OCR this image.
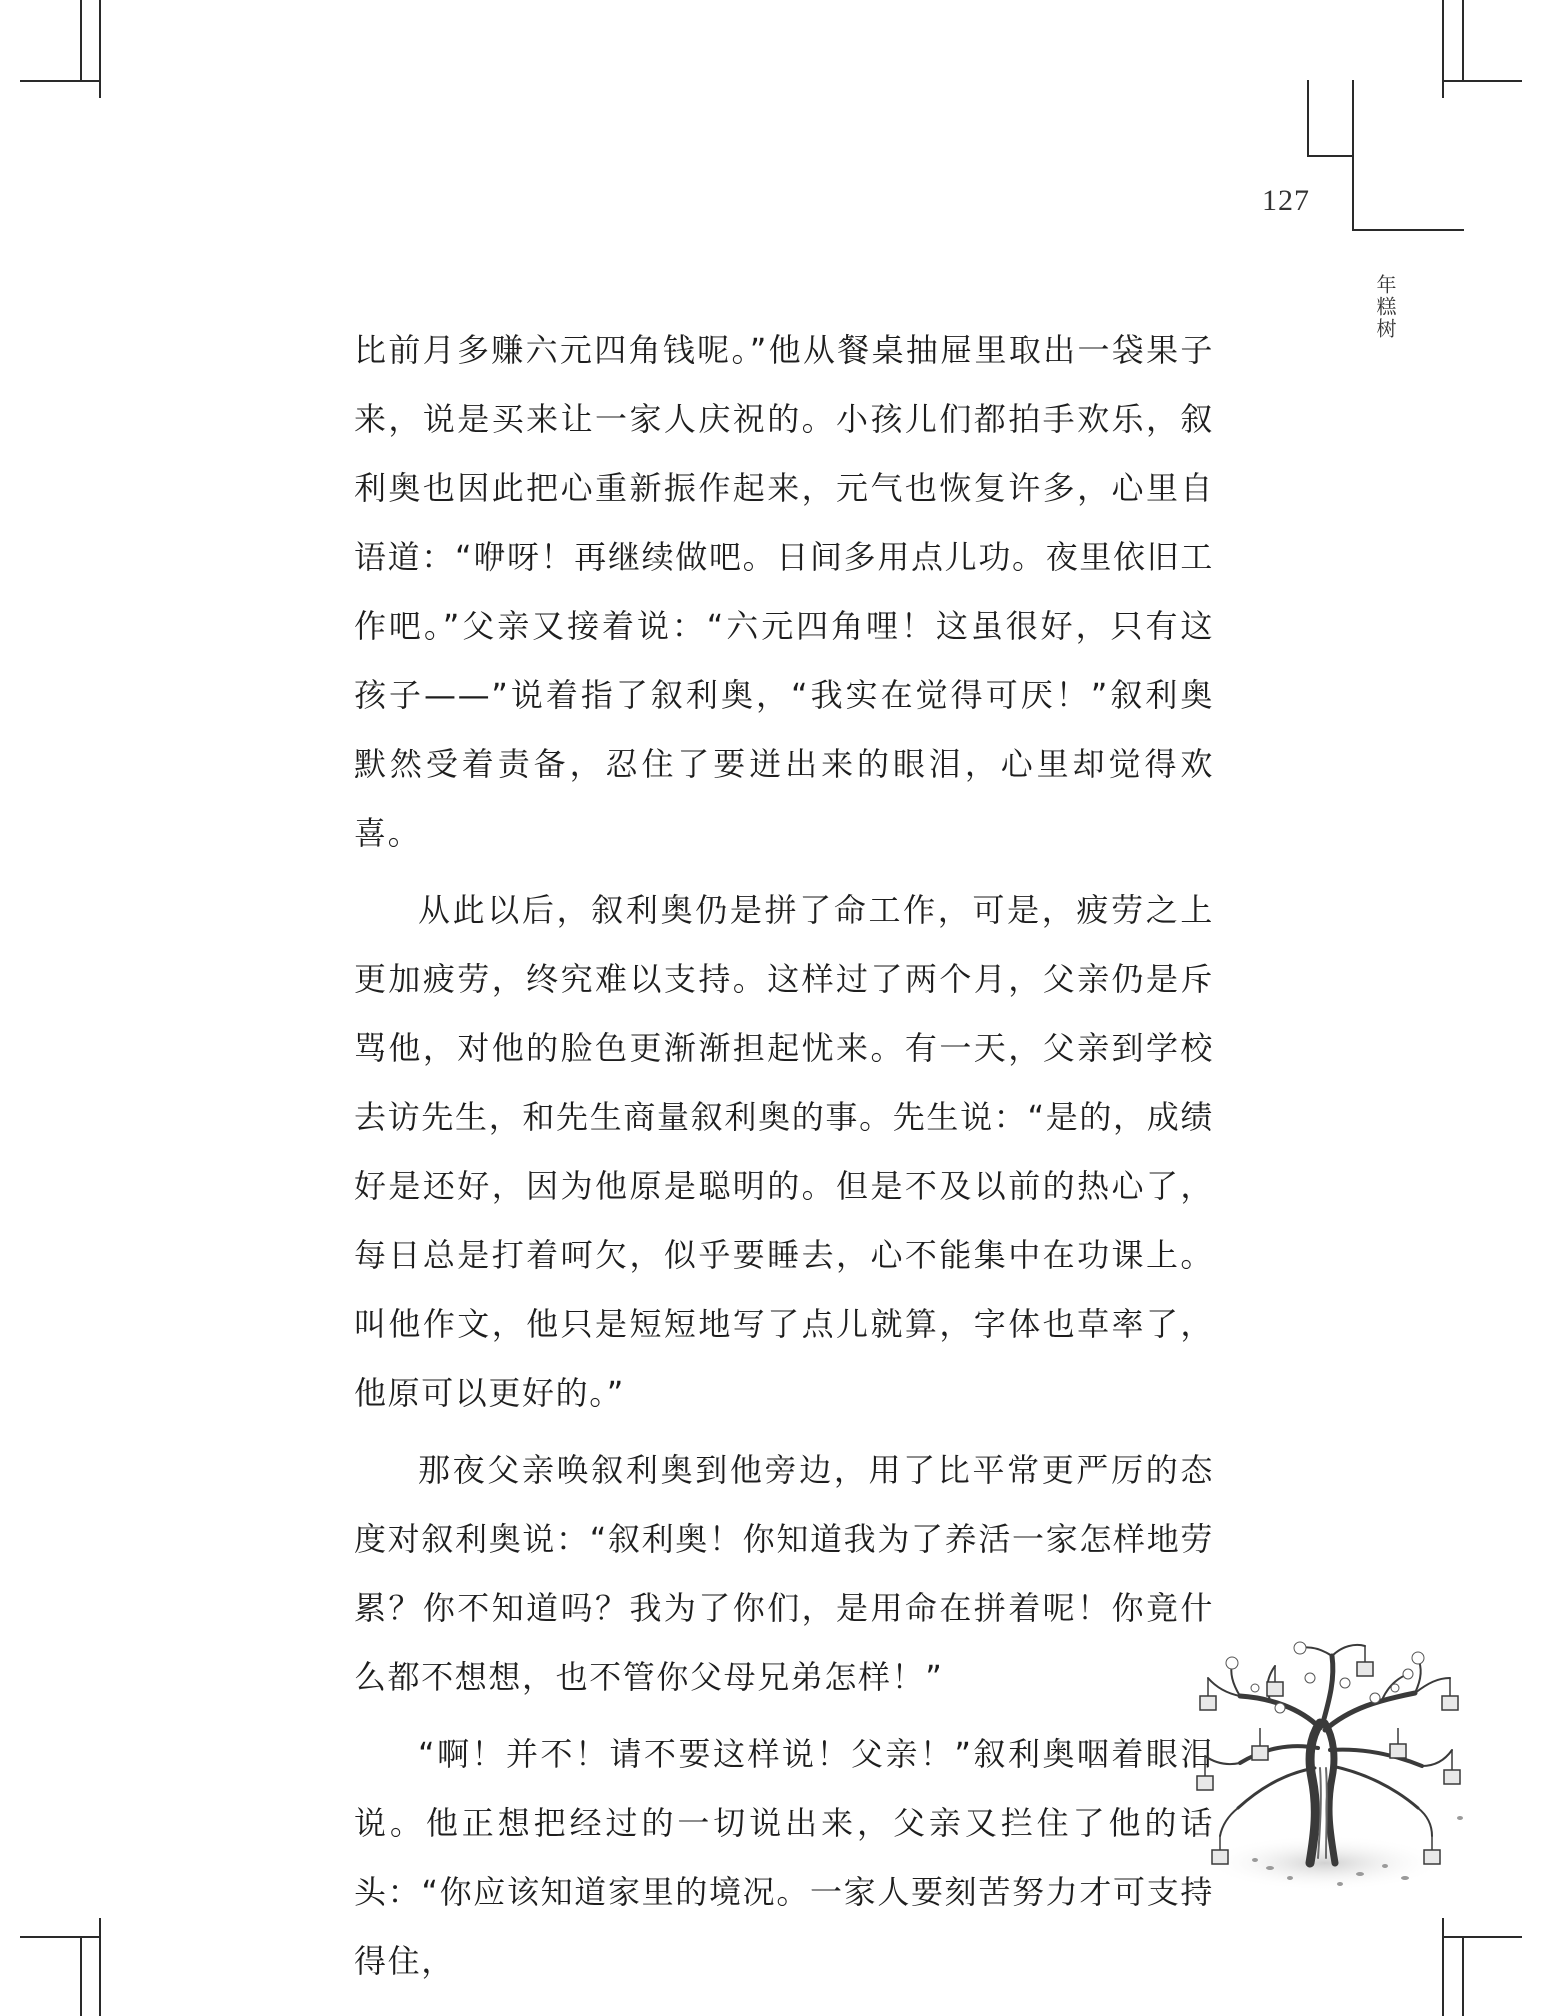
127
年糕树

比前月多赚六元四角钱呢。”他从餐桌抽屉里取出一袋果子来，说是买来让一家人庆祝的。小孩儿们都拍手欢乐，叙利奥也因此把心重新振作起来，元气也恢复许多，心里自语道：“咿呀！再继续做吧。日间多用点儿功。夜里依旧工作吧。”父亲又接着说：“六元四角哩！这虽很好，只有这孩子——”说着指了叙利奥，“我实在觉得可厌！”叙利奥默然受着责备，忍住了要迸出来的眼泪，心里却觉得欢喜。

从此以后，叙利奥仍是拼了命工作，可是，疲劳之上更加疲劳，终究难以支持。这样过了两个月，父亲仍是斥骂他，对他的脸色更渐渐担起忧来。有一天，父亲到学校去访先生，和先生商量叙利奥的事。先生说：“是的，成绩好是还好，因为他原是聪明的。但是不及以前的热心了，每日总是打着呵欠，似乎要睡去，心不能集中在功课上。叫他作文，他只是短短地写了点儿就算，字体也草率了，他原可以更好的。”

那夜父亲唤叙利奥到他旁边，用了比平常更严厉的态度对叙利奥说：“叙利奥！你知道我为了养活一家怎样地劳累？你不知道吗？我为了你们，是用命在拼着呢！你竟什么都不想想，也不管你父母兄弟怎样！”

“啊！并不！请不要这样说！父亲！”叙利奥咽着眼泪说。他正想把经过的一切说出来，父亲又拦住了他的话头：“你应该知道家里的境况。一家人要刻苦努力才可支持得住，
